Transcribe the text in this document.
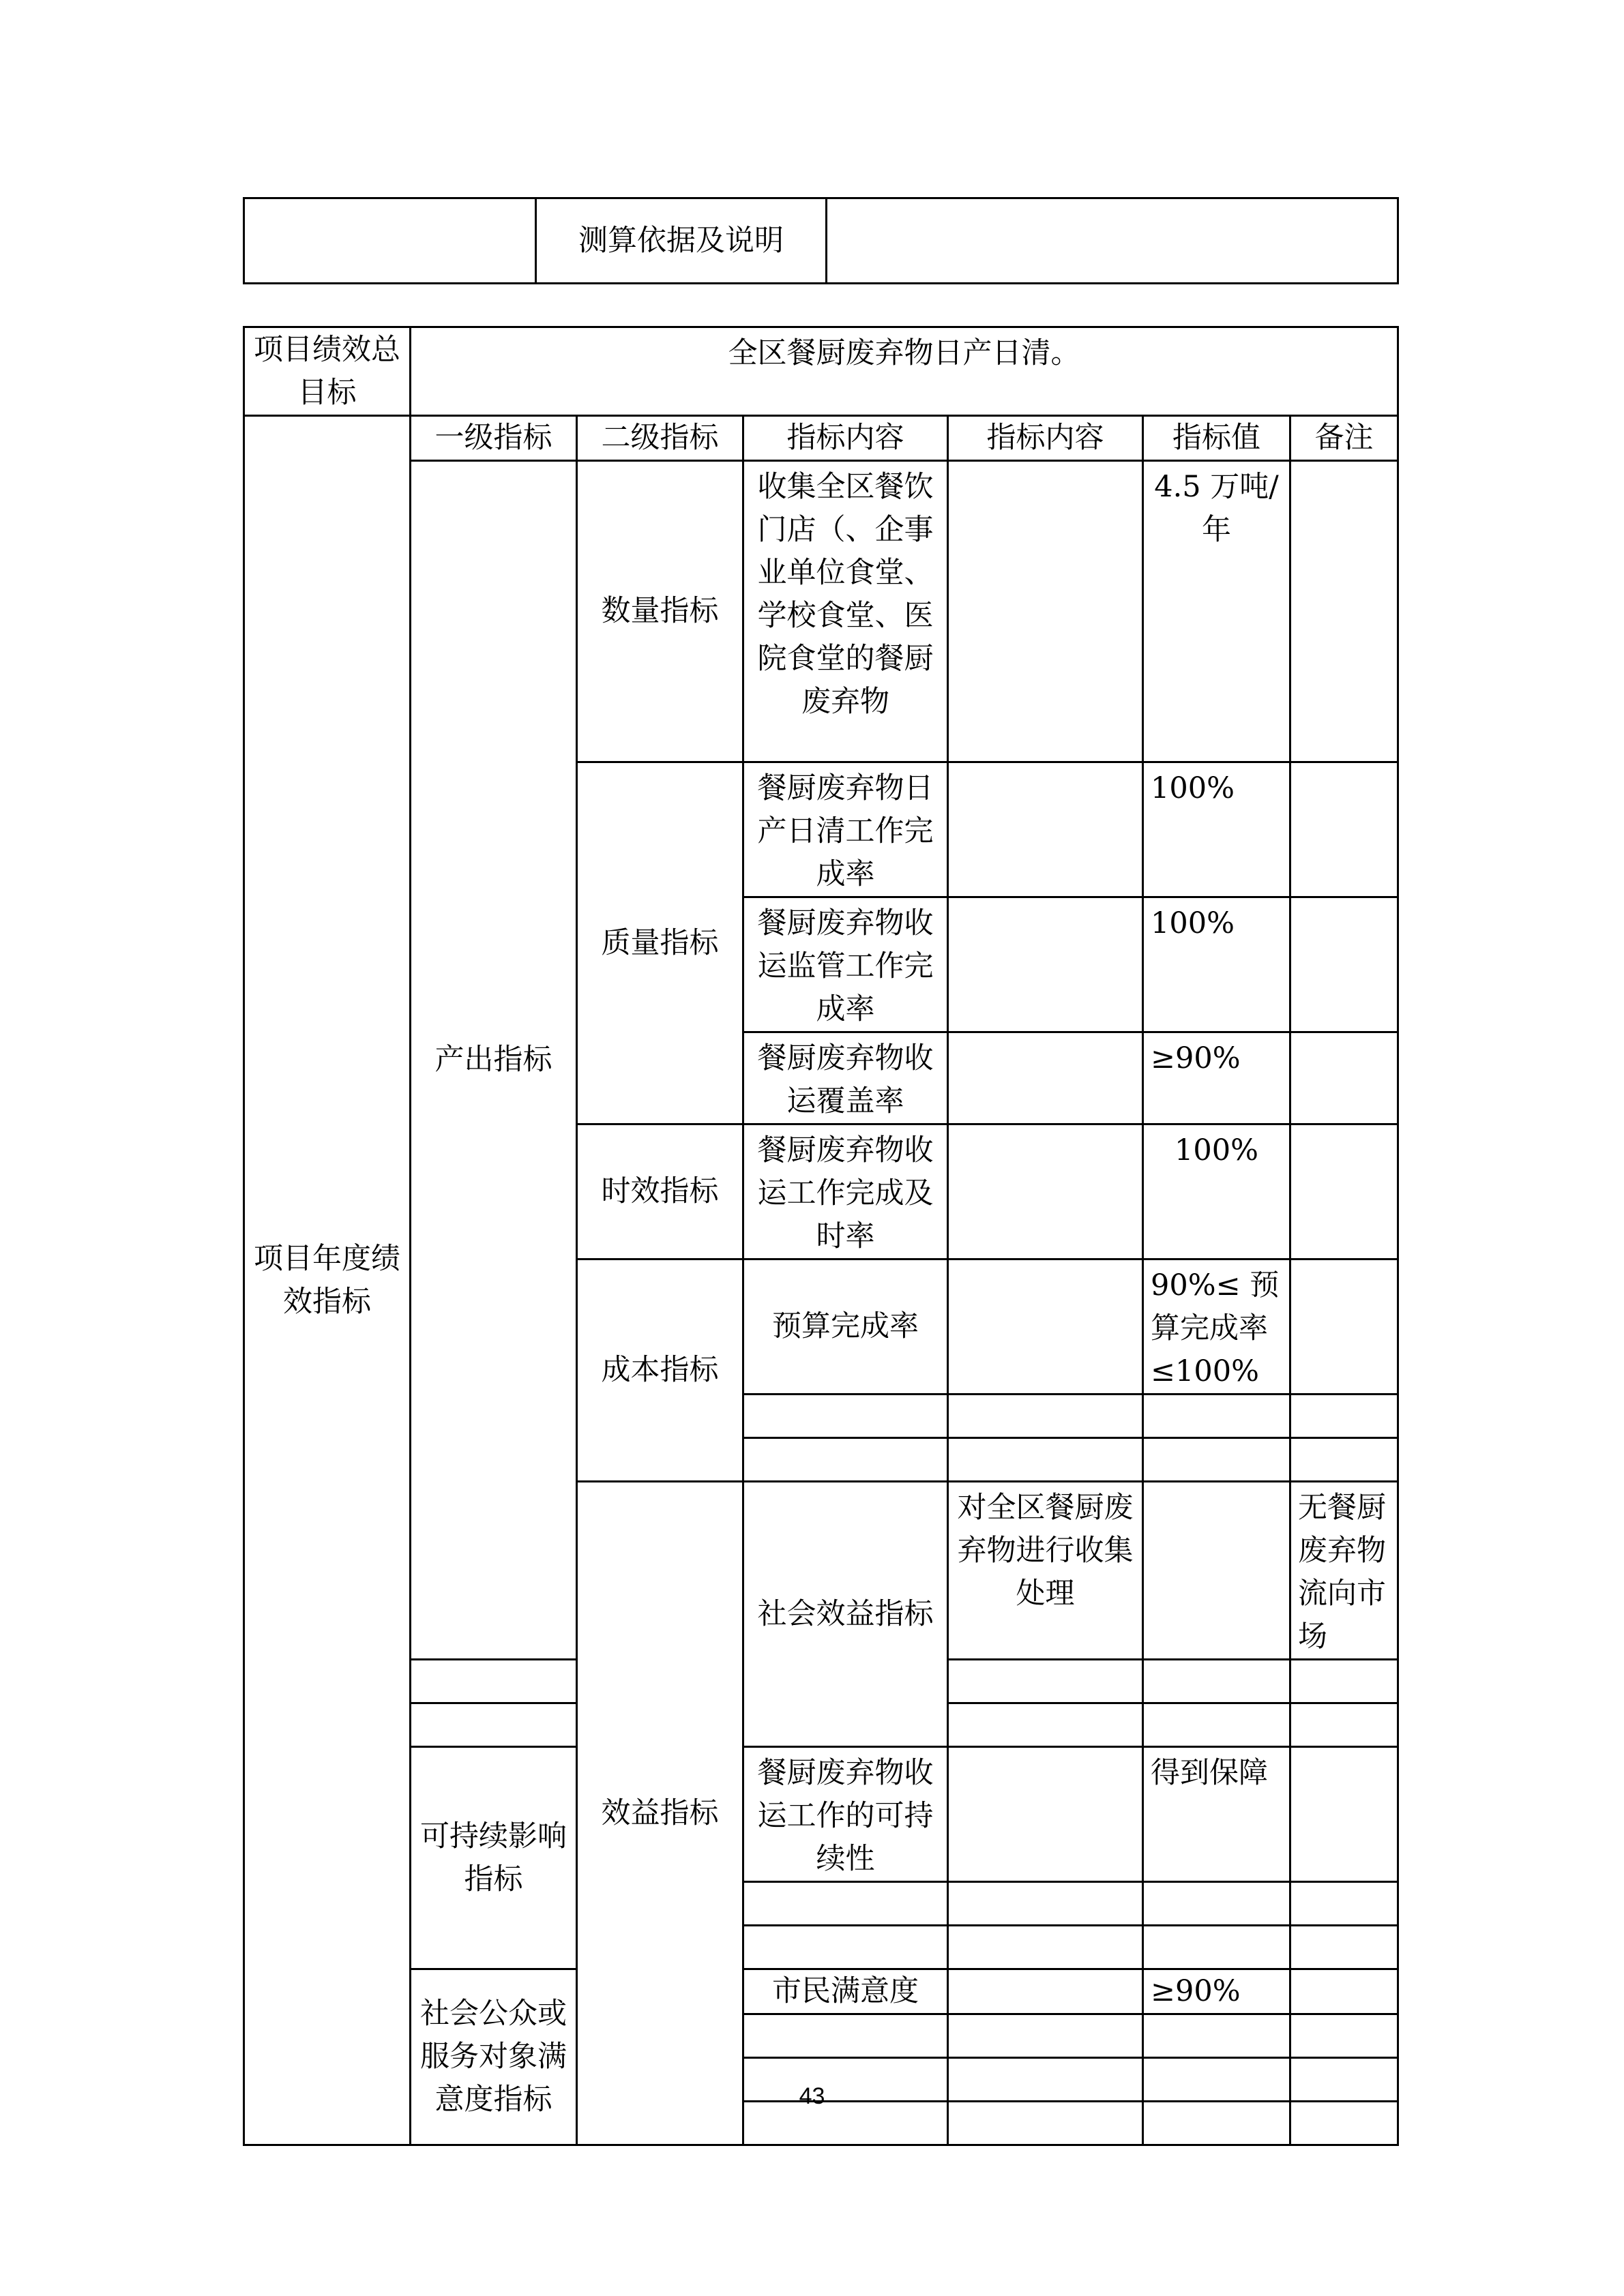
	测算依据及说明	
项目绩效总目标	全区餐厨废弃物日产日清。						
项目年度绩效指标	一级指标	二级指标	指标内容	指标内容	指标值	备注	
	产出指标	数量指标	收集全区餐饮门店（、企事业单位食堂、学校食堂、医院食堂的餐厨废弃物		4.5 万吨/年		
		质量指标	餐厨废弃物日产日清工作完成率		100%		
			餐厨废弃物收运监管工作完成率		100%		
			餐厨废弃物收运覆盖率		≥90%		
		时效指标	餐厨废弃物收运工作完成及时率		100%		
		成本指标	预算完成率		90%≤ 预算完成率≤100%		

		效益指标	社会效益指标	对全区餐厨废弃物进行收集处理		无餐厨废弃物流向市场	

	可持续影响指标		餐厨废弃物收运工作的可持续性		得到保障		

	社会公众或服务对象满意度指标		市民满意度		≥90%		

43
